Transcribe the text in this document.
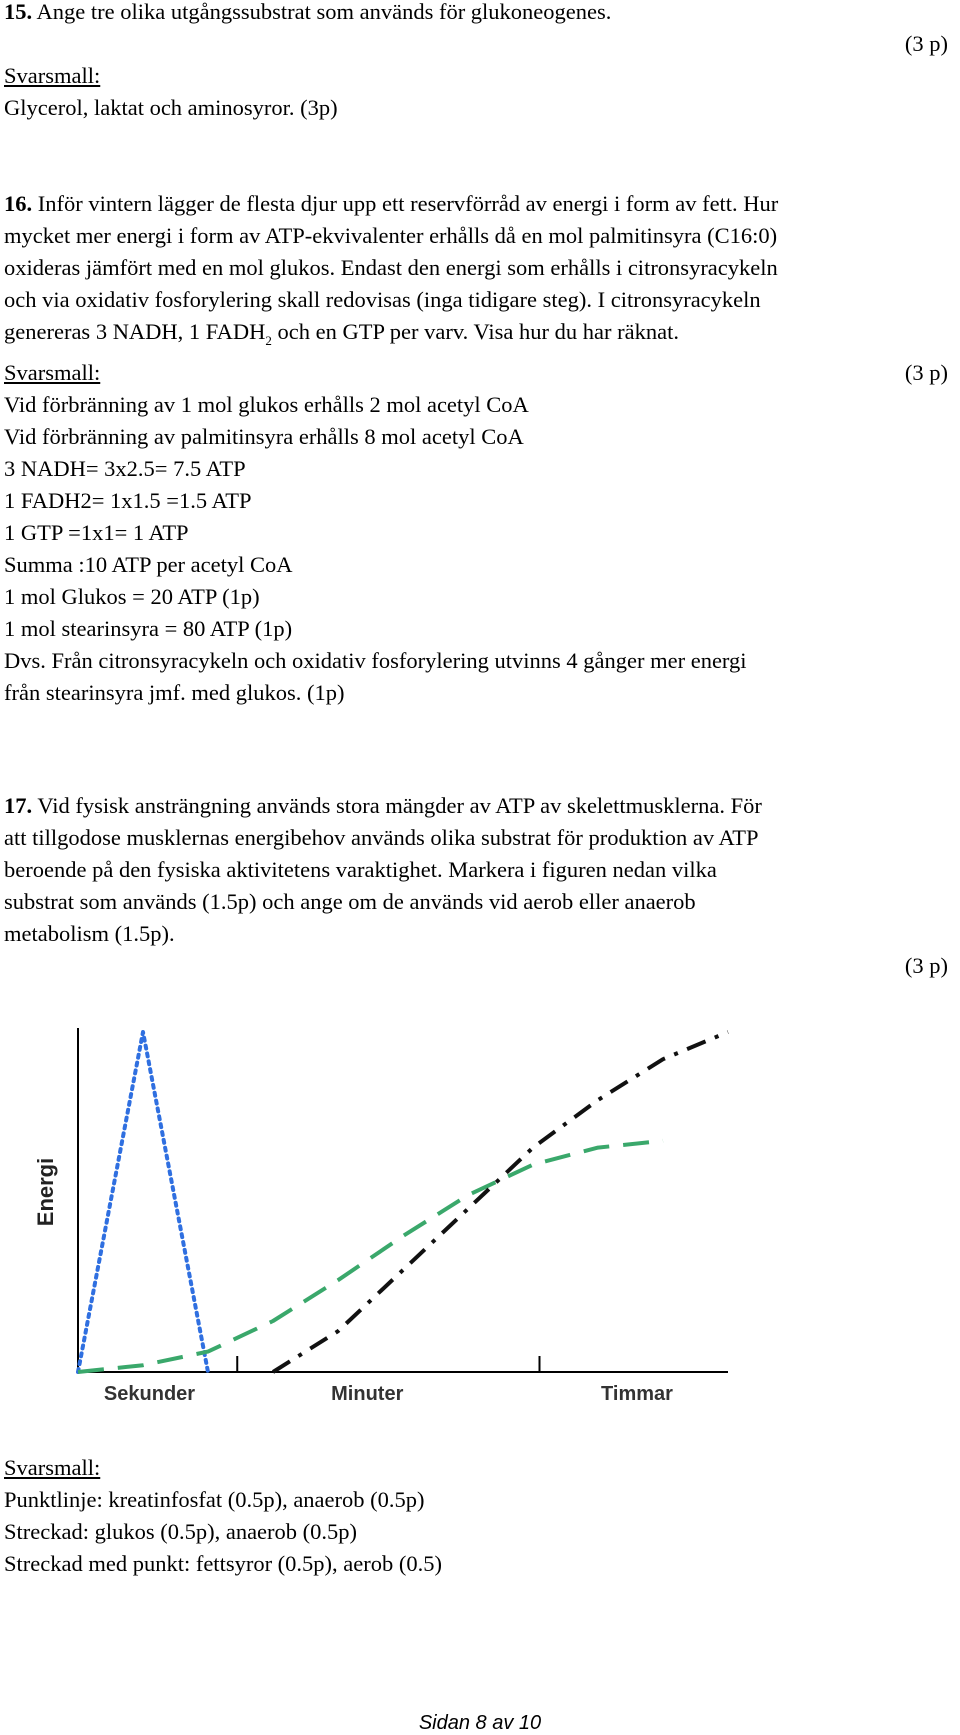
15. Ange tre olika utgångssubstrat som används för glukoneogenes.

(3 p)

Svarsmall:

Glycerol, laktat och aminosyror. (3p)

16. Inför vintern lägger de flesta djur upp ett reservförråd av energi i form av fett. Hur

mycket mer energi i form av ATP-ekvivalenter erhålls då en mol palmitinsyra (C16:0)

oxideras jämfört med en mol glukos. Endast den energi som erhålls i citronsyracykeln

och via oxidativ fosforylering skall redovisas (inga tidigare steg). I citronsyracykeln

genereras 3 NADH, 1 $FADH_2$ och en GTP per varv. Visa hur du har räknat.

(3 p)
Svarsmall:

Vid förbränning av 1 mol glukos erhålls 2 mol acetyl CoA

Vid förbränning av palmitinsyra erhålls 8 mol acetyl CoA

3 NADH= 3x2.5= 7.5 ATP

1 FADH2= 1x1.5 =1.5 ATP

1 GTP =1x1= 1 ATP

Summa :10 ATP per acetyl CoA

1 mol Glukos = 20 ATP (1p)

1 mol stearinsyra = 80 ATP (1p)

Dvs. Från citronsyracykeln och oxidativ fosforylering utvinns 4 gånger mer energi

från stearinsyra jmf. med glukos. (1p)

17. Vid fysisk ansträngning används stora mängder av ATP av skelettmusklerna. För

att tillgodose musklernas energibehov används olika substrat för produktion av ATP

beroende på den fysiska aktivitetens varaktighet. Markera i figuren nedan vilka

substrat som används (1.5p) och ange om de används vid aerob eller anaerob

metabolism (1.5p).

(3 p)

Energi
Sekunder	Minuter	Timmar

Svarsmall:

Punktlinje: kreatinfosfat (0.5p), anaerob (0.5p)

Streckad: glukos (0.5p), anaerob (0.5p)

Streckad med punkt: fettsyror (0.5p), aerob (0.5)

Sidan 8 av 10
